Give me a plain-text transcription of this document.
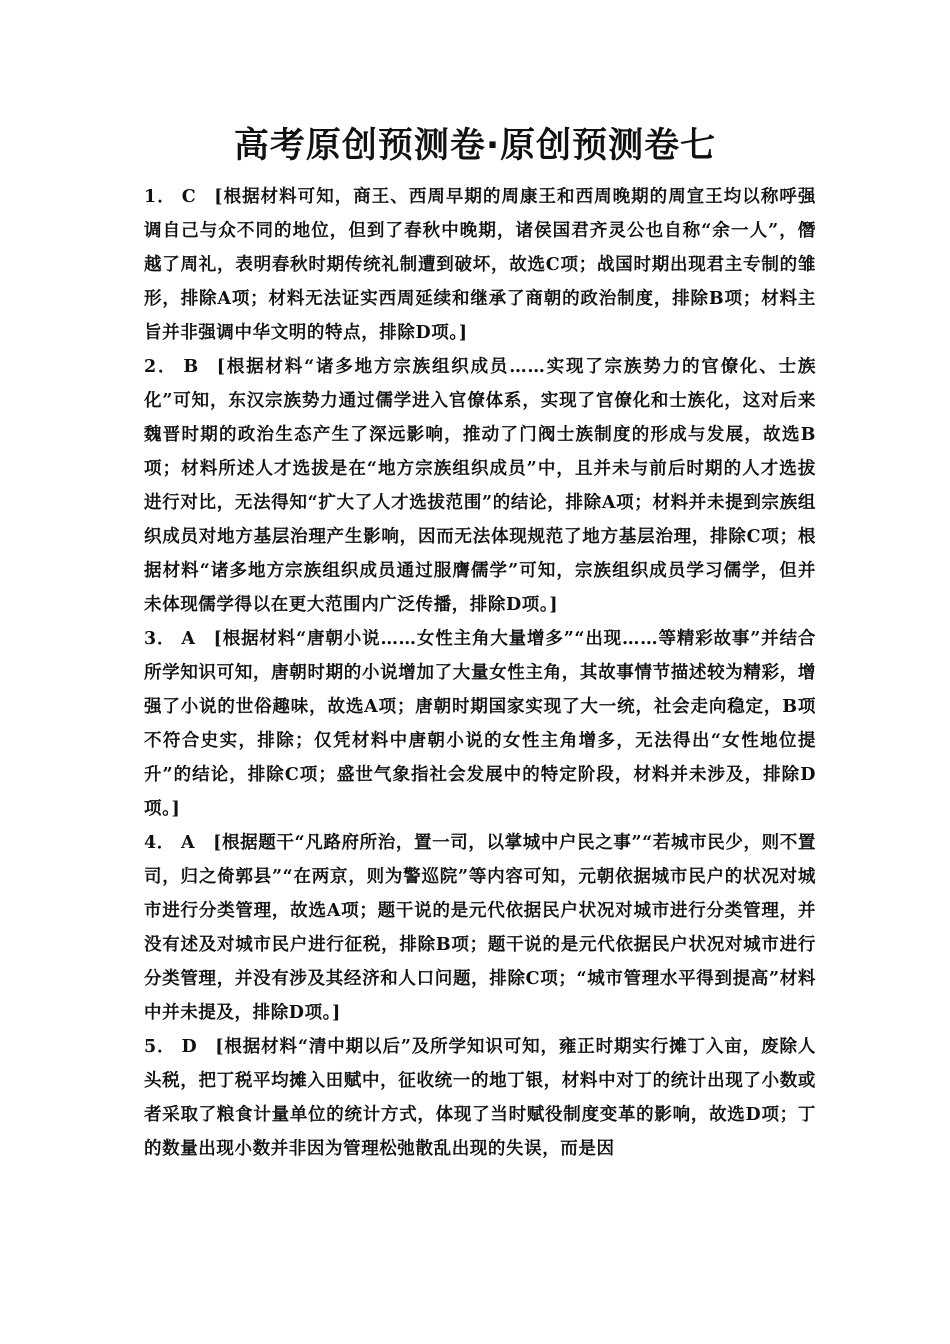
高考原创预测卷·原创预测卷七

1． C [根据材料可知，商王、西周早期的周康王和西周晚期的周宣王均以称呼强调自己与众不同的地位，但到了春秋中晚期，诸侯国君齐灵公也自称“余一人”，僭越了周礼，表明春秋时期传统礼制遭到破坏，故选C项；战国时期出现君主专制的雏形，排除A项；材料无法证实西周延续和继承了商朝的政治制度，排除B项；材料主旨并非强调中华文明的特点，排除D项。]

2． B [根据材料“诸多地方宗族组织成员……实现了宗族势力的官僚化、士族化”可知，东汉宗族势力通过儒学进入官僚体系，实现了官僚化和士族化，这对后来魏晋时期的政治生态产生了深远影响，推动了门阀士族制度的形成与发展，故选B项；材料所述人才选拔是在“地方宗族组织成员”中，且并未与前后时期的人才选拔进行对比，无法得知“扩大了人才选拔范围”的结论，排除A项；材料并未提到宗族组织成员对地方基层治理产生影响，因而无法体现规范了地方基层治理，排除C项；根据材料“诸多地方宗族组织成员通过服膺儒学”可知，宗族组织成员学习儒学，但并未体现儒学得以在更大范围内广泛传播，排除D项。]

3． A [根据材料“唐朝小说……女性主角大量增多”“出现……等精彩故事”并结合所学知识可知，唐朝时期的小说增加了大量女性主角，其故事情节描述较为精彩，增强了小说的世俗趣味，故选A项；唐朝时期国家实现了大一统，社会走向稳定，B项不符合史实，排除；仅凭材料中唐朝小说的女性主角增多，无法得出“女性地位提升”的结论，排除C项；盛世气象指社会发展中的特定阶段，材料并未涉及，排除D项。]

4． A [根据题干“凡路府所治，置一司，以掌城中户民之事”“若城市民少，则不置司，归之倚郭县”“在两京，则为警巡院”等内容可知，元朝依据城市民户的状况对城市进行分类管理，故选A项；题干说的是元代依据民户状况对城市进行分类管理，并没有述及对城市民户进行征税，排除B项；题干说的是元代依据民户状况对城市进行分类管理，并没有涉及其经济和人口问题，排除C项；“城市管理水平得到提高”材料中并未提及，排除D项。]

5． D [根据材料“清中期以后”及所学知识可知，雍正时期实行摊丁入亩，废除人头税，把丁税平均摊入田赋中，征收统一的地丁银，材料中对丁的统计出现了小数或者采取了粮食计量单位的统计方式，体现了当时赋役制度变革的影响，故选D项；丁的数量出现小数并非因为管理松弛散乱出现的失误，而是因
